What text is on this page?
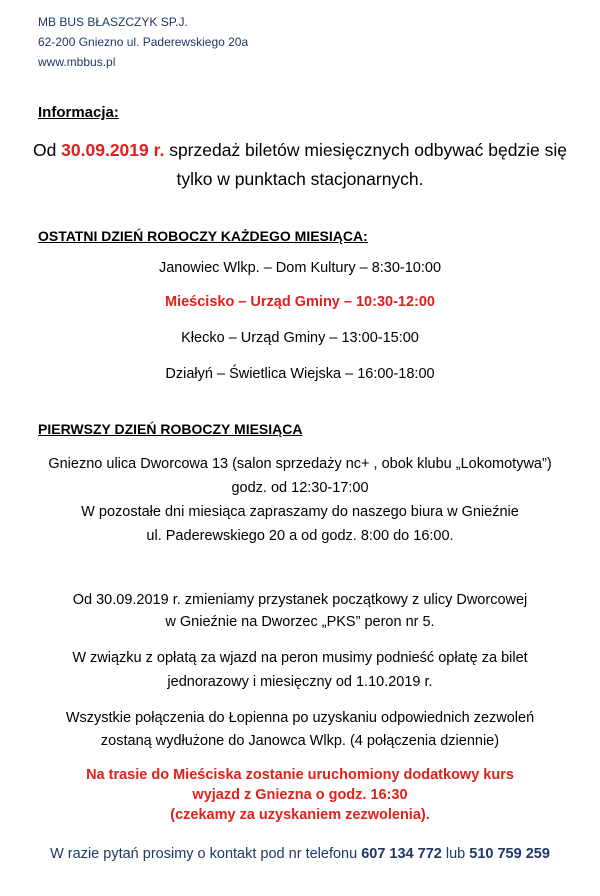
MB BUS BŁASZCZYK SP.J.
62-200 Gniezno ul. Paderewskiego 20a
www.mbbus.pl
Informacja:
Od 30.09.2019 r. sprzedaż biletów miesięcznych odbywać będzie się
tylko w punktach stacjonarnych.
OSTATNI DZIEŃ ROBOCZY KAŻDEGO MIESIĄCA:
Janowiec Wlkp. – Dom Kultury – 8:30-10:00
Mieścisko – Urząd Gminy – 10:30-12:00
Kłecko – Urząd Gminy – 13:00-15:00
Działyń – Świetlica Wiejska – 16:00-18:00
PIERWSZY DZIEŃ ROBOCZY MIESIĄCA
Gniezno ulica Dworcowa 13 (salon sprzedaży nc+ , obok klubu „Lokomotywa”)
godz. od 12:30-17:00
W pozostałe dni miesiąca zapraszamy do naszego biura w Gnieźnie
ul. Paderewskiego 20 a od godz. 8:00 do 16:00.
Od 30.09.2019 r. zmieniamy przystanek początkowy z ulicy Dworcowej
w Gnieźnie na Dworzec „PKS” peron nr 5.
W związku z opłatą za wjazd na peron musimy podnieść opłatę za bilet
jednorazowy i miesięczny od 1.10.2019 r.
Wszystkie połączenia do Łopienna po uzyskaniu odpowiednich zezwoleń
zostaną wydłużone do Janowca Wlkp. (4 połączenia dziennie)
Na trasie do Mieściska zostanie uruchomiony dodatkowy kurs
wyjazd z Gniezna o godz. 16:30
(czekamy za uzyskaniem zezwolenia).
W razie pytań prosimy o kontakt pod nr telefonu 607 134 772 lub 510 759 259
